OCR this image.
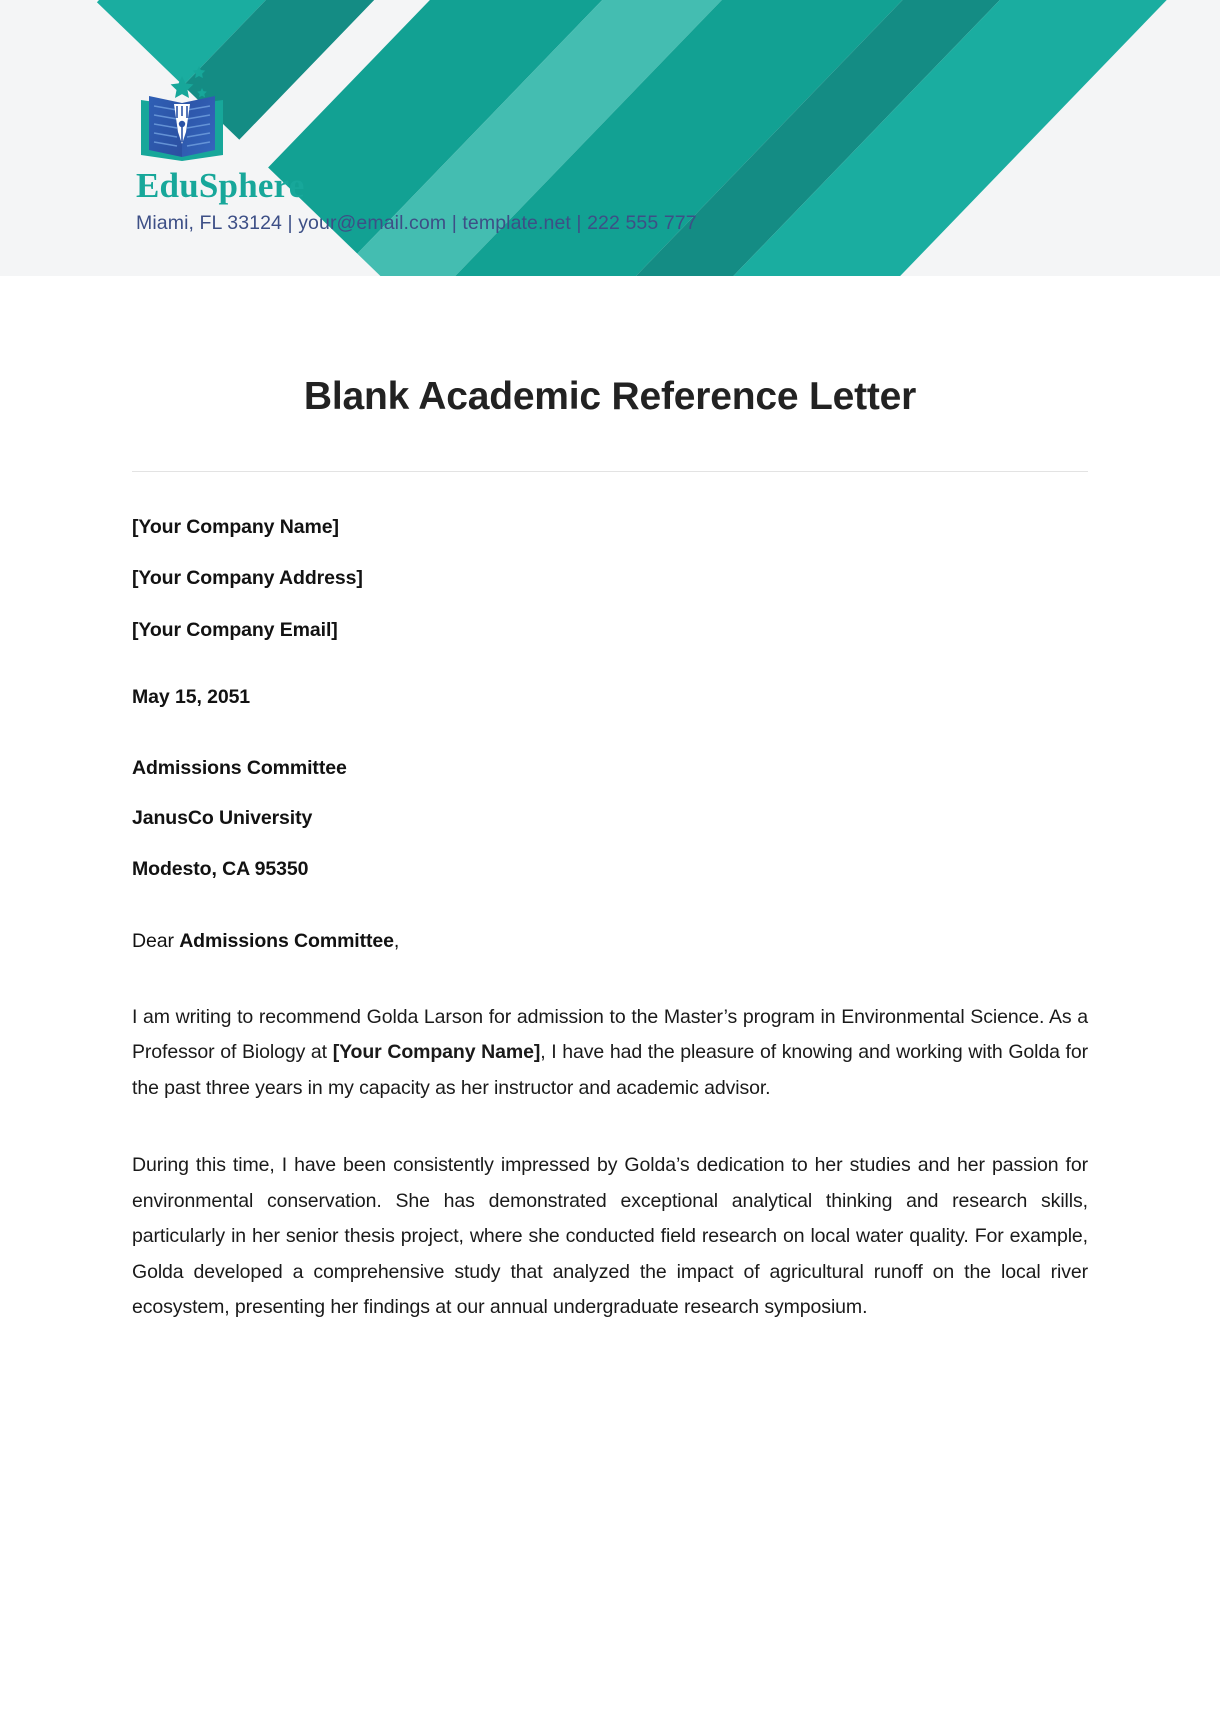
EduSphere
Miami, FL 33124 | your@email.com | template.net | 222 555 777
Blank Academic Reference Letter
[Your Company Name]
[Your Company Address]
[Your Company Email]
May 15, 2051
Admissions Committee
JanusCo University
Modesto, CA 95350
Dear Admissions Committee,

I am writing to recommend Golda Larson for admission to the Master’s program in Environmental Science. As a Professor of Biology at [Your Company Name], I have had the pleasure of knowing and working with Golda for the past three years in my capacity as her instructor and academic advisor.

During this time, I have been consistently impressed by Golda’s dedication to her studies and her passion for environmental conservation. She has demonstrated exceptional analytical thinking and research skills, particularly in her senior thesis project, where she conducted field research on local water quality. For example, Golda developed a comprehensive study that analyzed the impact of agricultural runoff on the local river ecosystem, presenting her findings at our annual undergraduate research symposium.
